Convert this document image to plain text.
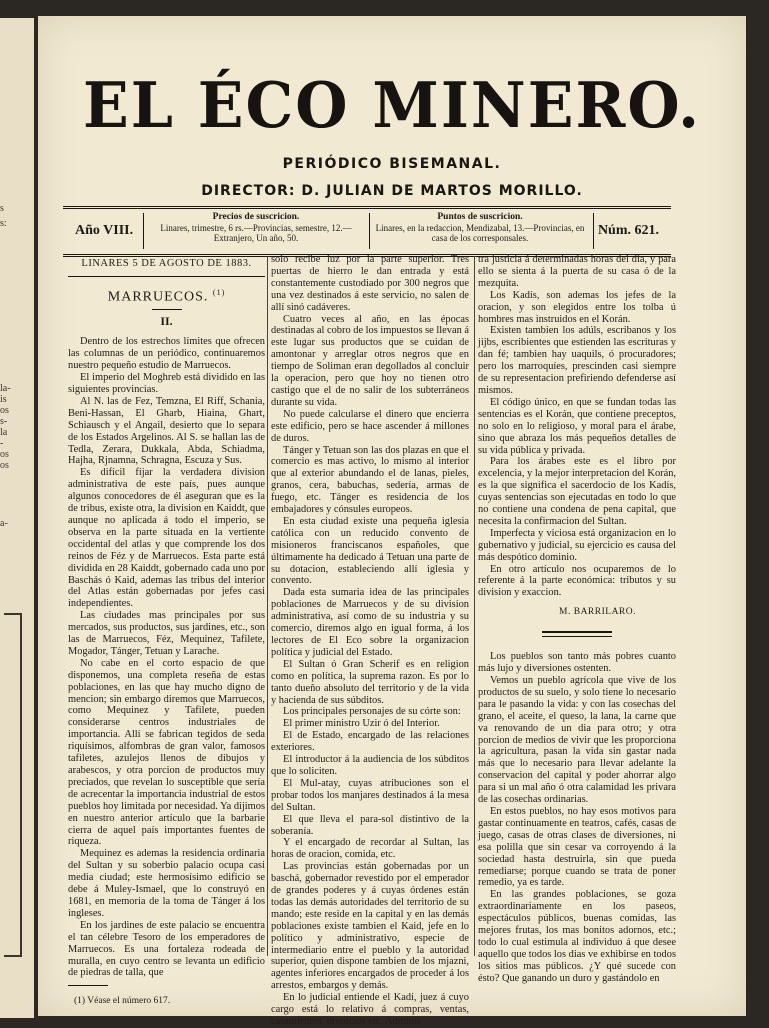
s
s:
la-
is
os
s-
la
-
os
os
a-
EL ÉCO MINERO.
PERIÓDICO BISEMANAL.
DIRECTOR: D. JULIAN DE MARTOS MORILLO.
Año VIII.
Precios de suscricion.
Linares, trimestre, 6 rs.—Provincias, semestre, 12.—Extranjero, Un año, 50.
Puntos de suscricion.
Linares, en la redaccion, Mendizabal, 13.—Provincias, en casa de los corresponsales.	Núm. 621.
LINARES 5 DE AGOSTO DE 1883.
MARRUECOS. $^{(1)}$
II.

Dentro de los estrechos límites que ofrecen las columnas de un periódico, continuaremos nuestro pequeño estudio de Marruecos.

El imperio del Moghreb está dividido en las siguientes provincias.

Al N. las de Fez, Temzna, El Riff, Schania, Beni-Hassan, El Gharb, Hiaina, Ghart, Schiausch y el Angail, desierto que lo separa de los Estados Argelinos. Al S. se hallan las de Tedla, Zerara, Dukkala, Abda, Schiadma, Hajha, Rjnamna, Schragna, Escuza y Sus.

Es difícil fijar la verdadera division administrativa de este país, pues aunque algunos conocedores de él aseguran que es la de tribus, existe otra, la division en Kaiddt, que aunque no aplicada á todo el imperio, se observa en la parte situada en la vertiente occidental del atlas y que comprende los dos reinos de Féz y de Marruecos. Esta parte está dividida en 28 Kaiddt, gobernado cada uno por Baschás ó Kaid, ademas las tribus del interior del Atlas están gobernadas por jefes casi independientes.

Las ciudades mas principales por sus mercados, sus productos, sus jardines, etc., son las de Marruecos, Féz, Mequinez, Tafilete, Mogador, Tánger, Tetuan y Larache.

No cabe en el corto espacio de que disponemos, una completa reseña de estas poblaciones, en las que hay mucho digno de mencion; sin embargo diremos que Marruecos, como Mequinez y Tafilete, pueden considerarse centros industriales de importancia. Allí se fabrican tegidos de seda riquísimos, alfombras de gran valor, famosos tafiletes, azulejos llenos de dibujos y arabescos, y otra porcion de productos muy preciados, que revelan lo susceptible que sería de acrecentar la importancia industrial de estos pueblos hoy limitada por necesidad. Ya dijimos en nuestro anterior artículo que la barbarie cierra de aquel país importantes fuentes de riqueza.

Mequinez es ademas la residencia ordinaria del Sultan y su soberbio palacio ocupa casi media ciudad; este hermosísimo edificio se debe á Muley-Ismael, que lo construyó en 1681, en memoria de la toma de Tánger á los ingleses.

En los jardines de este palacio se encuentra el tan célebre Tesoro de los emperadores de Marruecos. Es una fortaleza rodeada de muralla, en cuyo centro se levanta un edificio de piedras de talla, que

(1) Véase el número 617.

solo recibe luz por la parte superior. Tres puertas de hierro le dan entrada y está constantemente custodiado por 300 negros que una vez destinados á este servicio, no salen de allí sinó cadáveres.

Cuatro veces al año, en las épocas destinadas al cobro de los impuestos se llevan á este lugar sus productos que se cuidan de amontonar y arreglar otros negros que en tiempo de Soliman eran degollados al concluir la operacion, pero que hoy no tienen otro castigo que el de no salir de los subterráneos durante su vida.

No puede calcularse el dinero que encierra este edificio, pero se hace ascender á millones de duros.

Tánger y Tetuan son las dos plazas en que el comercio es mas activo, lo mismo al interior que al exterior abundando el de lanas, pieles, granos, cera, babuchas, sedería, armas de fuego, etc. Tánger es residencia de los embajadores y cónsules europeos.

En esta ciudad existe una pequeña iglesia católica con un reducido convento de misioneros franciscanos españoles, que últimamente ha dedicado á Tetuan una parte de su dotacion, estableciendo allí iglesia y convento.

Dada esta sumaria idea de las principales poblaciones de Marruecos y de su division administrativa, así como de su industria y su comercio, diremos algo en igual forma, á los lectores de El Eco sobre la organizacion política y judicial del Estado.

El Sultan ó Gran Scherif es en religion como en política, la suprema razon. Es por lo tanto dueño absoluto del territorio y de la vida y hacienda de sus súbditos.

Los principales personajes de su córte son:

El primer ministro Uzir ó del Interior.

El de Estado, encargado de las relaciones exteriores.

El introductor á la audiencia de los súbditos que lo soliciten.

El Mul-atay, cuyas atribuciones son el probar todos los manjares destinados á la mesa del Sultan.

El que lleva el para-sol distintivo de la soberanía.

Y el encargado de recordar al Sultan, las horas de oracion, comida, etc.

Las provincias están gobernadas por un baschá, gobernador revestido por el emperador de grandes poderes y á cuyas órdenes están todas las demás autoridades del territorio de su mando; este reside en la capital y en las demás poblaciones existe tambien el Kaid, jefe en lo político y administrativo, especie de intermediario entre el pueblo y la autoridad superior, quien dispone tambien de los mjazni, agentes inferiores encargados de proceder á los arrestos, embargos y demás.

En lo judicial entiende el Kadí, juez á cuyo cargo está lo relativo á compras, ventas, casamientos, divorcios etc. Adminis

tra justicia á determinadas horas del dia, y para ello se sienta á la puerta de su casa ó de la mezquita.

Los Kadís, son ademas los jefes de la oracion, y son elegidos entre los tolba ú hombres mas instruidos en el Korán.

Existen tambien los adúls, escribanos y los jijbs, escribientes que estienden las escrituras y dan fé; tambien hay uaquils, ó procuradores; pero los marroquíes, prescinden casi siempre de su representacion prefiriendo defenderse así mismos.

El código único, en que se fundan todas las sentencias es el Korán, que contiene preceptos, no solo en lo religioso, y moral para el árabe, sino que abraza los más pequeños detalles de su vida pública y privada.

Para los árabes este es el libro por excelencia, y la mejor interpretacion del Korán, es la que significa el sacerdocio de los Kadís, cuyas sentencias son ejecutadas en todo lo que no contiene una condena de pena capital, que necesita la confirmacion del Sultan.

Imperfecta y viciosa está organizacion en lo gubernativo y judicial, su ejercicio es causa del más despótico dominio.

En otro artículo nos ocuparemos de lo referente á la parte económica: tributos y su division y exaccion.

M. BARRILARO.

Los pueblos son tanto más pobres cuanto más lujo y diversiones ostenten.

Vemos un pueblo agrícola que vive de los productos de su suelo, y solo tiene lo necesario para le pasando la vida: y con las cosechas del grano, el aceite, el queso, la lana, la carne que va renovando de un dia para otro; y otra porcion de medios de vivir que les proporciona la agricultura, pasan la vida sin gastar nada más que lo necesario para llevar adelante la conservacion del capital y poder ahorrar algo para si un mal año ó otra calamidad les privara de las cosechas ordinarias.

En estos pueblos, no hay esos motivos para gastar continuamente en teatros, cafés, casas de juego, casas de otras clases de diversiones, ni esa polilla que sin cesar va corroyendo á la sociedad hasta destruirla, sin que pueda remediarse; porque cuando se trata de poner remedio, ya es tarde.

En las grandes poblaciones, se goza extraordinariamente en los paseos, espectáculos públicos, buenas comidas, las mejores frutas, los mas bonitos adornos, etc.; todo lo cual estimula al individuo á que desee aquello que todos los dias ve exhibirse en todos los sitios mas públicos. ¿Y qué sucede con ésto? Que ganando un duro y gastándolo en
